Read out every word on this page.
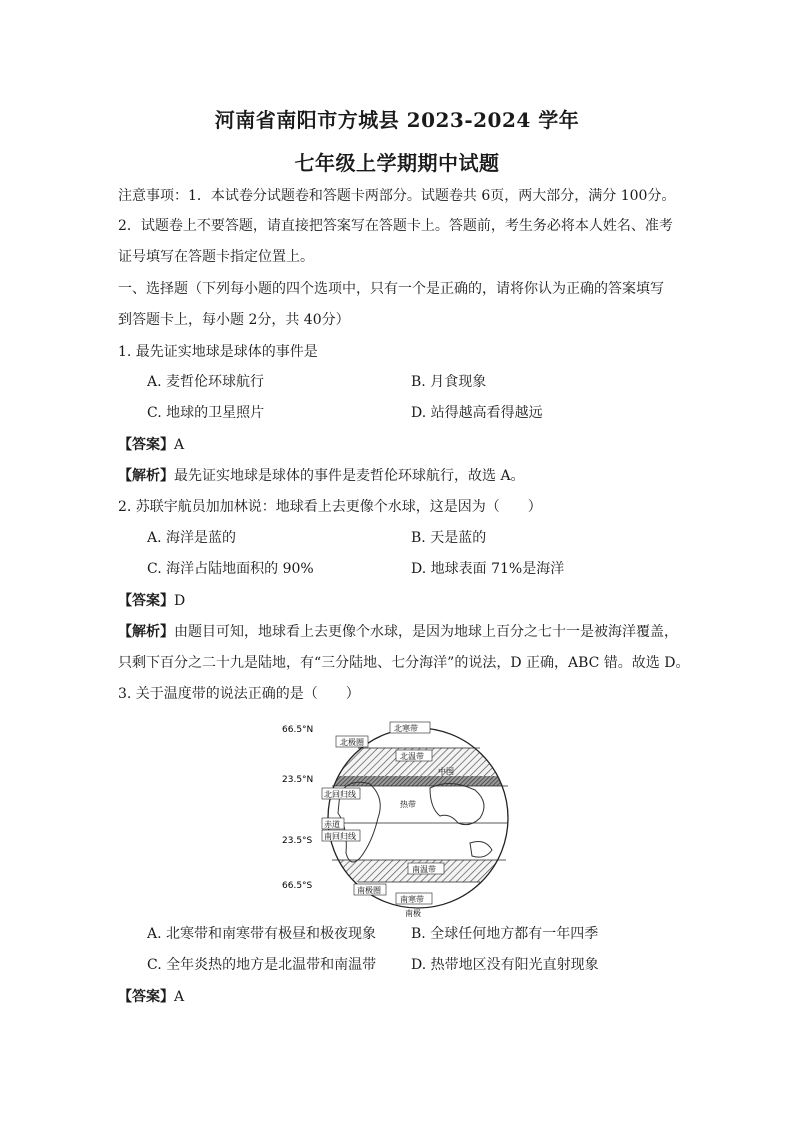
河南省南阳市方城县 2023-2024 学年
七年级上学期期中试题
注意事项：1．本试卷分试题卷和答题卡两部分。试题卷共 6页，两大部分，满分 100分。
2．试题卷上不要答题，请直接把答案写在答题卡上。答题前，考生务必将本人姓名、准考
证号填写在答题卡指定位置上。
一、选择题（下列每小题的四个选项中，只有一个是正确的，请将你认为正确的答案填写
到答题卡上，每小题 2分，共 40分）
1. 最先证实地球是球体的事件是
A. 麦哲伦环球航行	B. 月食现象
C. 地球的卫星照片	D. 站得越高看得越远
【答案】A
【解析】最先证实地球是球体的事件是麦哲伦环球航行，故选 A。
2. 苏联宇航员加加林说：地球看上去更像个水球，这是因为（　　）
A. 海洋是蓝的	B. 天是蓝的
C. 海洋占陆地面积的 90%	D. 地球表面 71%是海洋
【答案】D
【解析】由题目可知，地球看上去更像个水球，是因为地球上百分之七十一是被海洋覆盖，
只剩下百分之二十九是陆地，有“三分陆地、七分海洋”的说法，D 正确，ABC 错。故选 D。
3. 关于温度带的说法正确的是（　　）
66.5°N
23.5°N
23.5°S
66.5°S
北寒带
北极圈
北温带
中国
北回归线
热带
赤道
南回归线
南温带
南极圈
南寒带
南极
A. 北寒带和南寒带有极昼和极夜现象 B. 全球任何地方都有一年四季
C. 全年炎热的地方是北温带和南温带 D. 热带地区没有阳光直射现象
【答案】A
